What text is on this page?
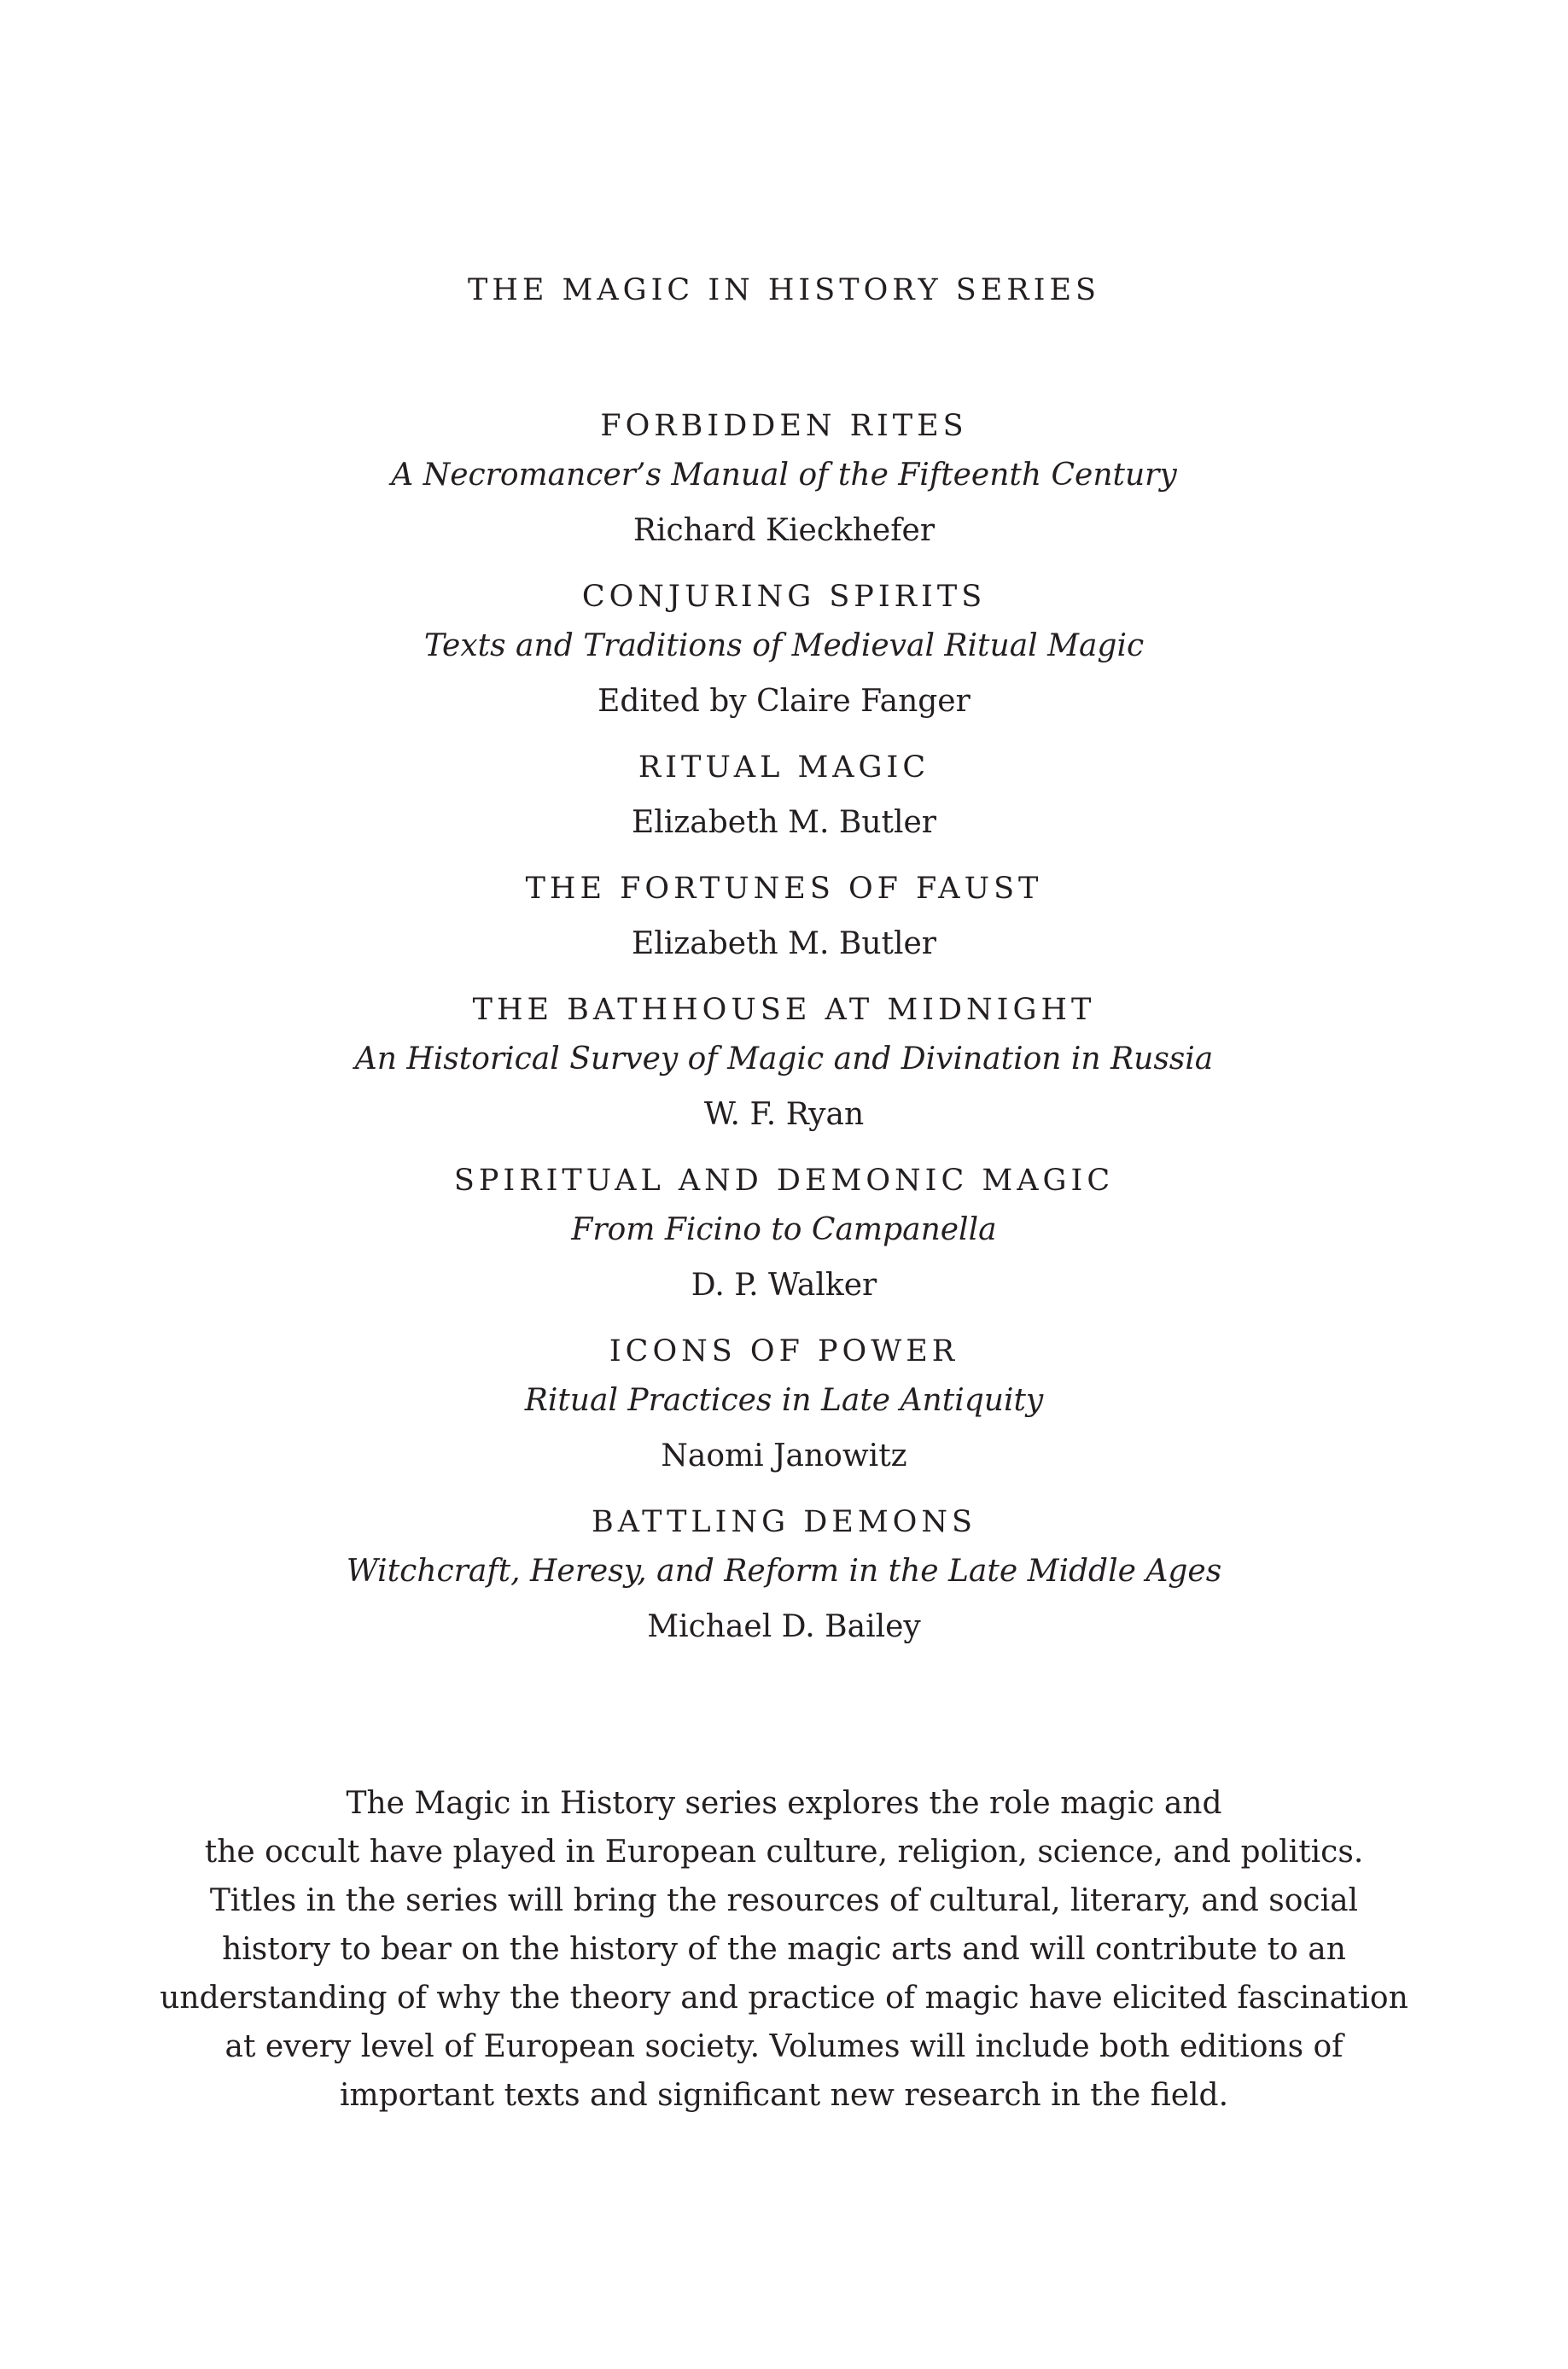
THE MAGIC IN HISTORY SERIES
FORBIDDEN RITES
A Necromancer’s Manual of the Fifteenth Century
Richard Kieckhefer
CONJURING SPIRITS
Texts and Traditions of Medieval Ritual Magic
Edited by Claire Fanger
RITUAL MAGIC
Elizabeth M. Butler
THE FORTUNES OF FAUST
Elizabeth M. Butler
THE BATHHOUSE AT MIDNIGHT
An Historical Survey of Magic and Divination in Russia
W. F. Ryan
SPIRITUAL AND DEMONIC MAGIC
From Ficino to Campanella
D. P. Walker
ICONS OF POWER
Ritual Practices in Late Antiquity
Naomi Janowitz
BATTLING DEMONS
Witchcraft, Heresy, and Reform in the Late Middle Ages
Michael D. Bailey

The Magic in History series explores the role magic and
the occult have played in European culture, religion, science, and politics.
Titles in the series will bring the resources of cultural, literary, and social
history to bear on the history of the magic arts and will contribute to an
understanding of why the theory and practice of magic have elicited fascination
at every level of European society. Volumes will include both editions of
important texts and significant new research in the field.
